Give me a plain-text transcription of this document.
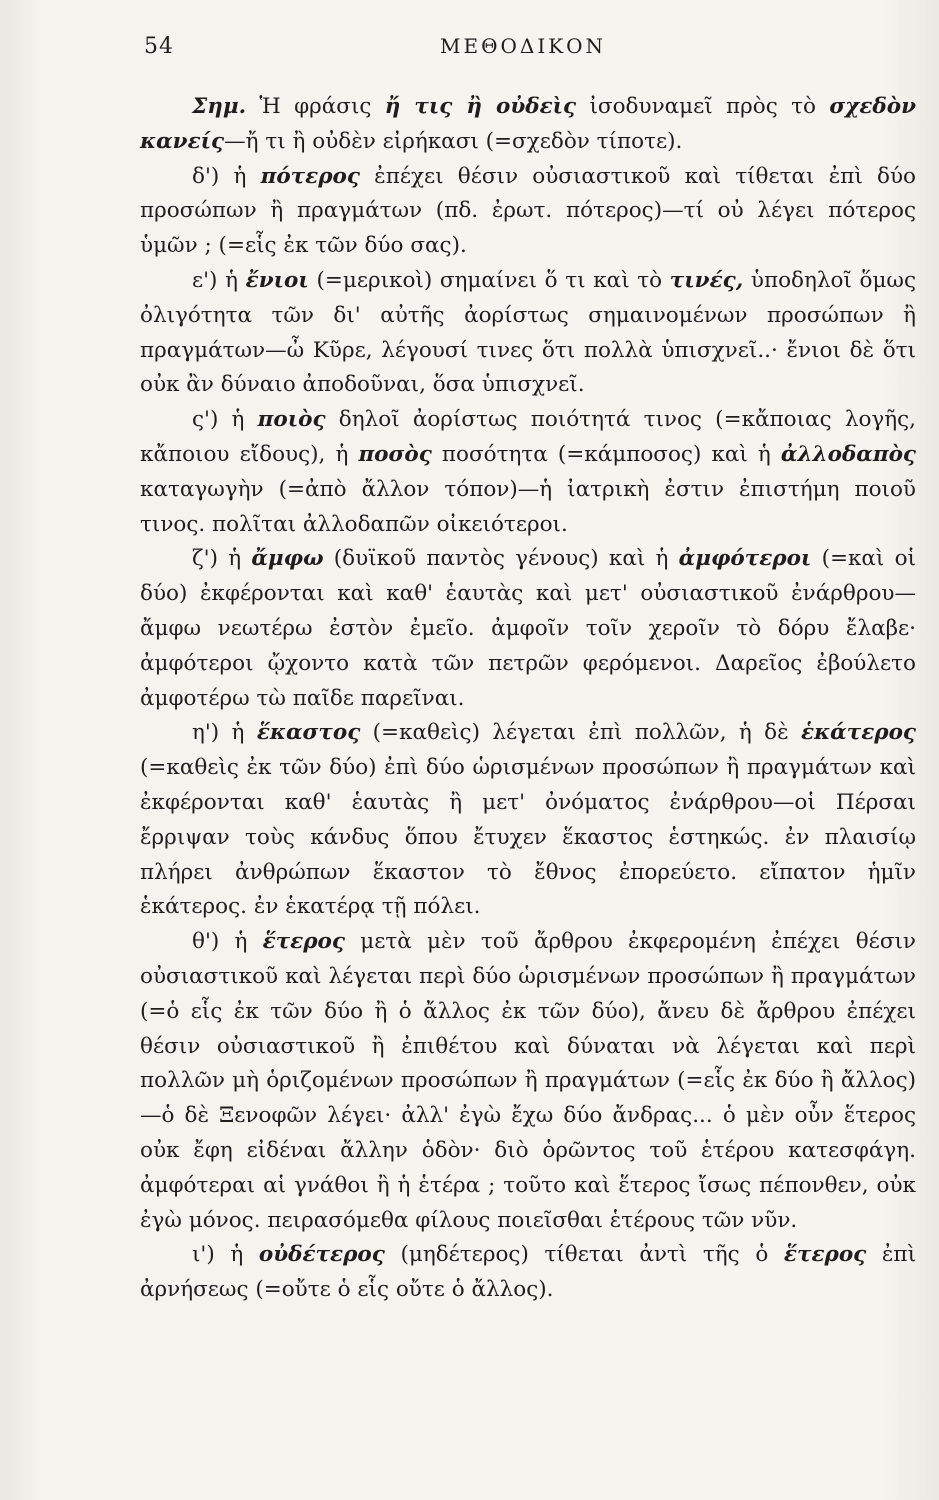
54	ΜΕΘΟΔΙΚΟΝ

Σημ. Ἡ φράσις ἤ τις ἢ οὐδεὶς ἰσοδυναμεῖ πρὸς τὸ σχεδὸν κανείς—ἤ τι ἢ οὐδὲν εἰρήκασι (=σχεδὸν τίποτε).

δ') ἡ πότερος ἐπέχει θέσιν οὐσιαστικοῦ καὶ τίθεται ἐπὶ δύο προσώπων ἢ πραγμάτων (πδ. ἐρωτ. πότερος)—τί οὐ λέγει πότερος ὑμῶν ; (=εἷς ἐκ τῶν δύο σας).

ε') ἡ ἔνιοι (=μερικοὶ) σημαίνει ὅ τι καὶ τὸ τινές, ὑποδηλοῖ ὅμως ὀλιγότητα τῶν δι' αὐτῆς ἀορίστως σημαινομένων προσώπων ἢ πραγμάτων—ὦ Κῦρε, λέγουσί τινες ὅτι πολλὰ ὑπισχνεῖ..· ἔνιοι δὲ ὅτι οὐκ ἂν δύναιο ἀποδοῦναι, ὅσα ὑπισχνεῖ.

ς') ἡ ποιὸς δηλοῖ ἀορίστως ποιότητά τινος (=κἄποιας λογῆς, κἄποιου εἴδους), ἡ ποσὸς ποσότητα (=κάμποσος) καὶ ἡ ἀλλοδαπὸς καταγωγὴν (=ἀπὸ ἄλλον τόπον)—ἡ ἰατρικὴ ἐστιν ἐπιστήμη ποιοῦ τινος. πολῖται ἀλλοδαπῶν οἰκειότεροι.

ζ') ἡ ἄμφω (δυϊκοῦ παντὸς γένους) καὶ ἡ ἀμφότεροι (=καὶ οἱ δύο) ἐκφέρονται καὶ καθ' ἑαυτὰς καὶ μετ' οὐσιαστικοῦ ἐνάρθρου—ἄμφω νεωτέρω ἐστὸν ἐμεῖο. ἀμφοῖν τοῖν χεροῖν τὸ δόρυ ἔλαβε· ἀμφότεροι ᾤχοντο κατὰ τῶν πετρῶν φερόμενοι. Δαρεῖος ἐβούλετο ἀμφοτέρω τὼ παῖδε παρεῖναι.

η') ἡ ἕκαστος (=καθεὶς) λέγεται ἐπὶ πολλῶν, ἡ δὲ ἑκάτερος (=καθεὶς ἐκ τῶν δύο) ἐπὶ δύο ὡρισμένων προσώπων ἢ πραγμάτων καὶ ἐκφέρονται καθ' ἑαυτὰς ἢ μετ' ὀνόματος ἐνάρθρου—οἱ Πέρσαι ἔρριψαν τοὺς κάνδυς ὅπου ἔτυχεν ἕκαστος ἑστηκώς. ἐν πλαισίῳ πλήρει ἀνθρώπων ἕκαστον τὸ ἔθνος ἐπορεύετο. εἴπατον ἡμῖν ἑκάτερος. ἐν ἑκατέρᾳ τῇ πόλει.

θ') ἡ ἕτερος μετὰ μὲν τοῦ ἄρθρου ἐκφερομένη ἐπέχει θέσιν οὐσιαστικοῦ καὶ λέγεται περὶ δύο ὡρισμένων προσώπων ἢ πραγμάτων (=ὁ εἷς ἐκ τῶν δύο ἢ ὁ ἄλλος ἐκ τῶν δύο), ἄνευ δὲ ἄρθρου ἐπέχει θέσιν οὐσιαστικοῦ ἢ ἐπιθέτου καὶ δύναται νὰ λέγεται καὶ περὶ πολλῶν μὴ ὁριζομένων προσώπων ἢ πραγμάτων (=εἷς ἐκ δύο ἢ ἄλλος)—ὁ δὲ Ξενοφῶν λέγει· ἀλλ' ἐγὼ ἔχω δύο ἄνδρας... ὁ μὲν οὖν ἕτερος οὐκ ἔφη εἰδέναι ἄλλην ὁδὸν· διὸ ὁρῶντος τοῦ ἑτέρου κατεσφάγη. ἀμφότεραι αἱ γνάθοι ἢ ἡ ἑτέρα ; τοῦτο καὶ ἕτερος ἴσως πέπονθεν, οὐκ ἐγὼ μόνος. πειρασόμεθα φίλους ποιεῖσθαι ἑτέρους τῶν νῦν.

ι') ἡ οὐδέτερος (μηδέτερος) τίθεται ἀντὶ τῆς ὁ ἕτερος ἐπὶ ἀρνήσεως (=οὔτε ὁ εἷς οὔτε ὁ ἄλλος).
